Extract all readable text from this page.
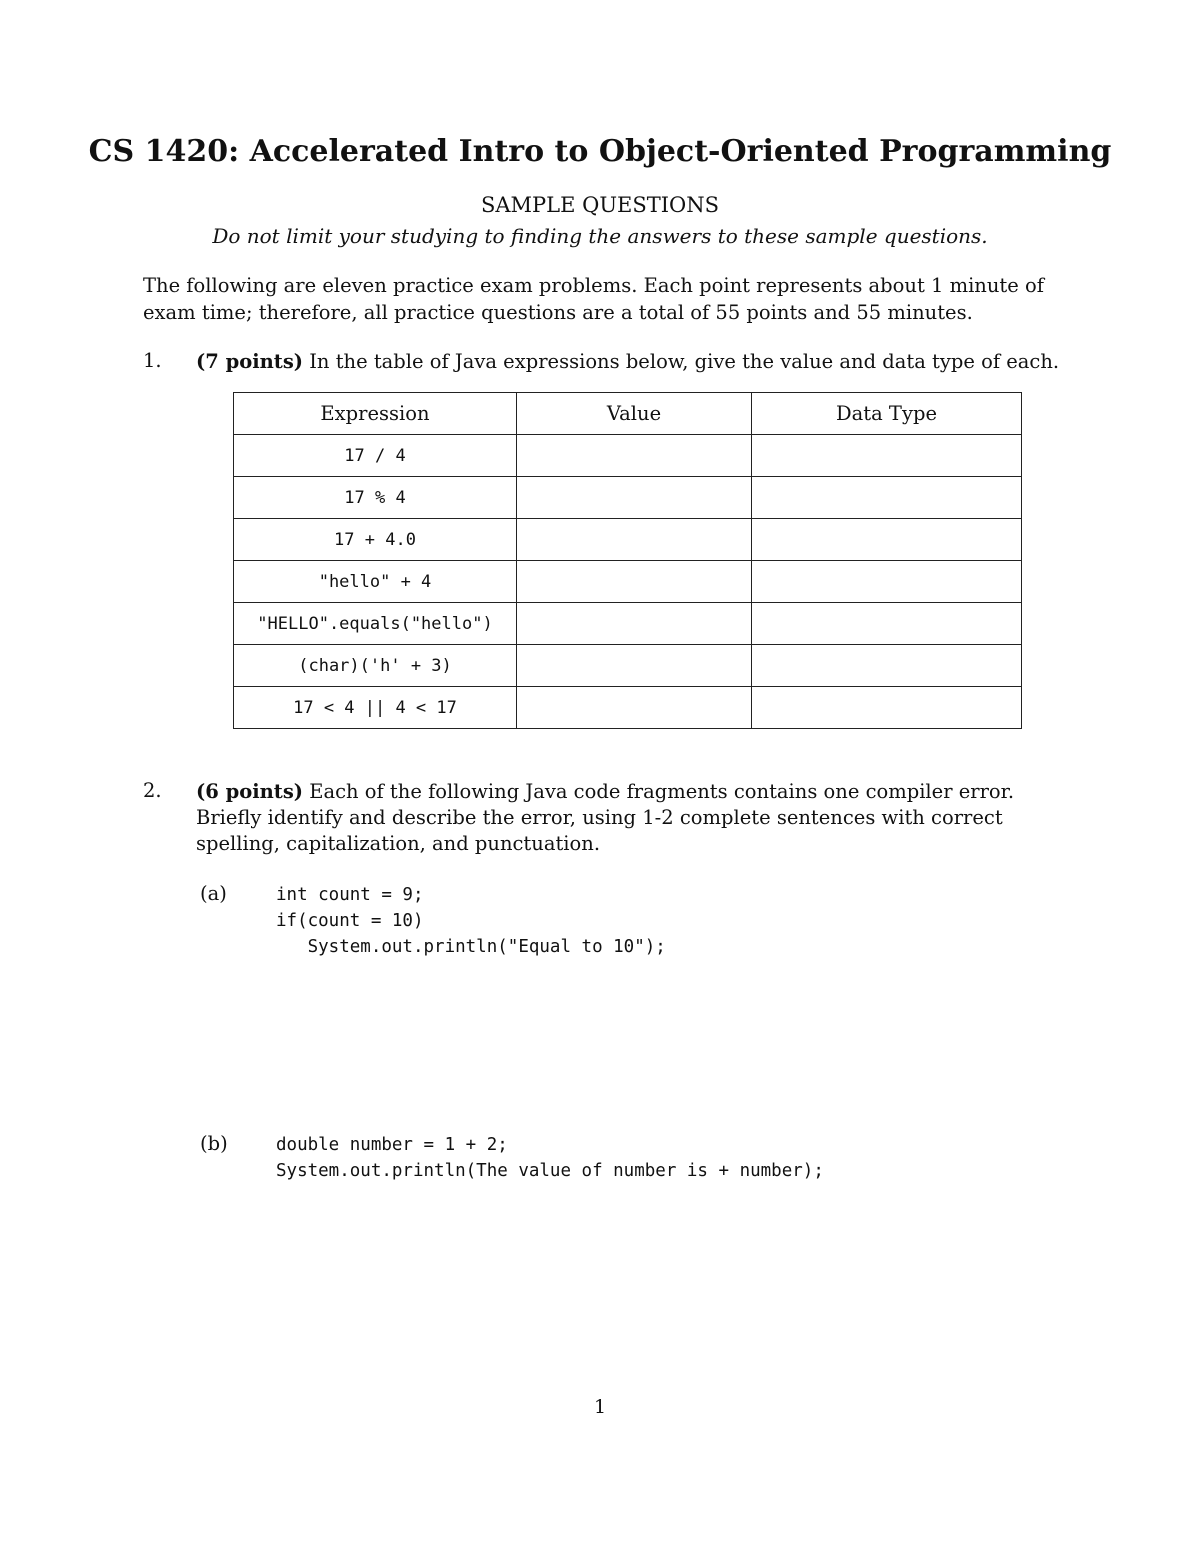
CS 1420: Accelerated Intro to Object-Oriented Programming
SAMPLE QUESTIONS
Do not limit your studying to finding the answers to these sample questions.
The following are eleven practice exam problems. Each point represents about 1 minute of exam time; therefore, all practice questions are a total of 55 points and 55 minutes.
1. (7 points) In the table of Java expressions below, give the value and data type of each.
Expression	Value	Data Type
17 / 4		
17 % 4		
17 + 4.0		
"hello" + 4		
"HELLO".equals("hello")		
(char)('h' + 3)		
17 < 4 || 4 < 17		
2. (6 points) Each of the following Java code fragments contains one compiler error. Briefly identify and describe the error, using 1-2 complete sentences with correct spelling, capitalization, and punctuation.
(a)	int count = 9;
if(count = 10)
System.out.println("Equal to 10");
(b)	double number = 1 + 2;
System.out.println(The value of number is + number);
1
